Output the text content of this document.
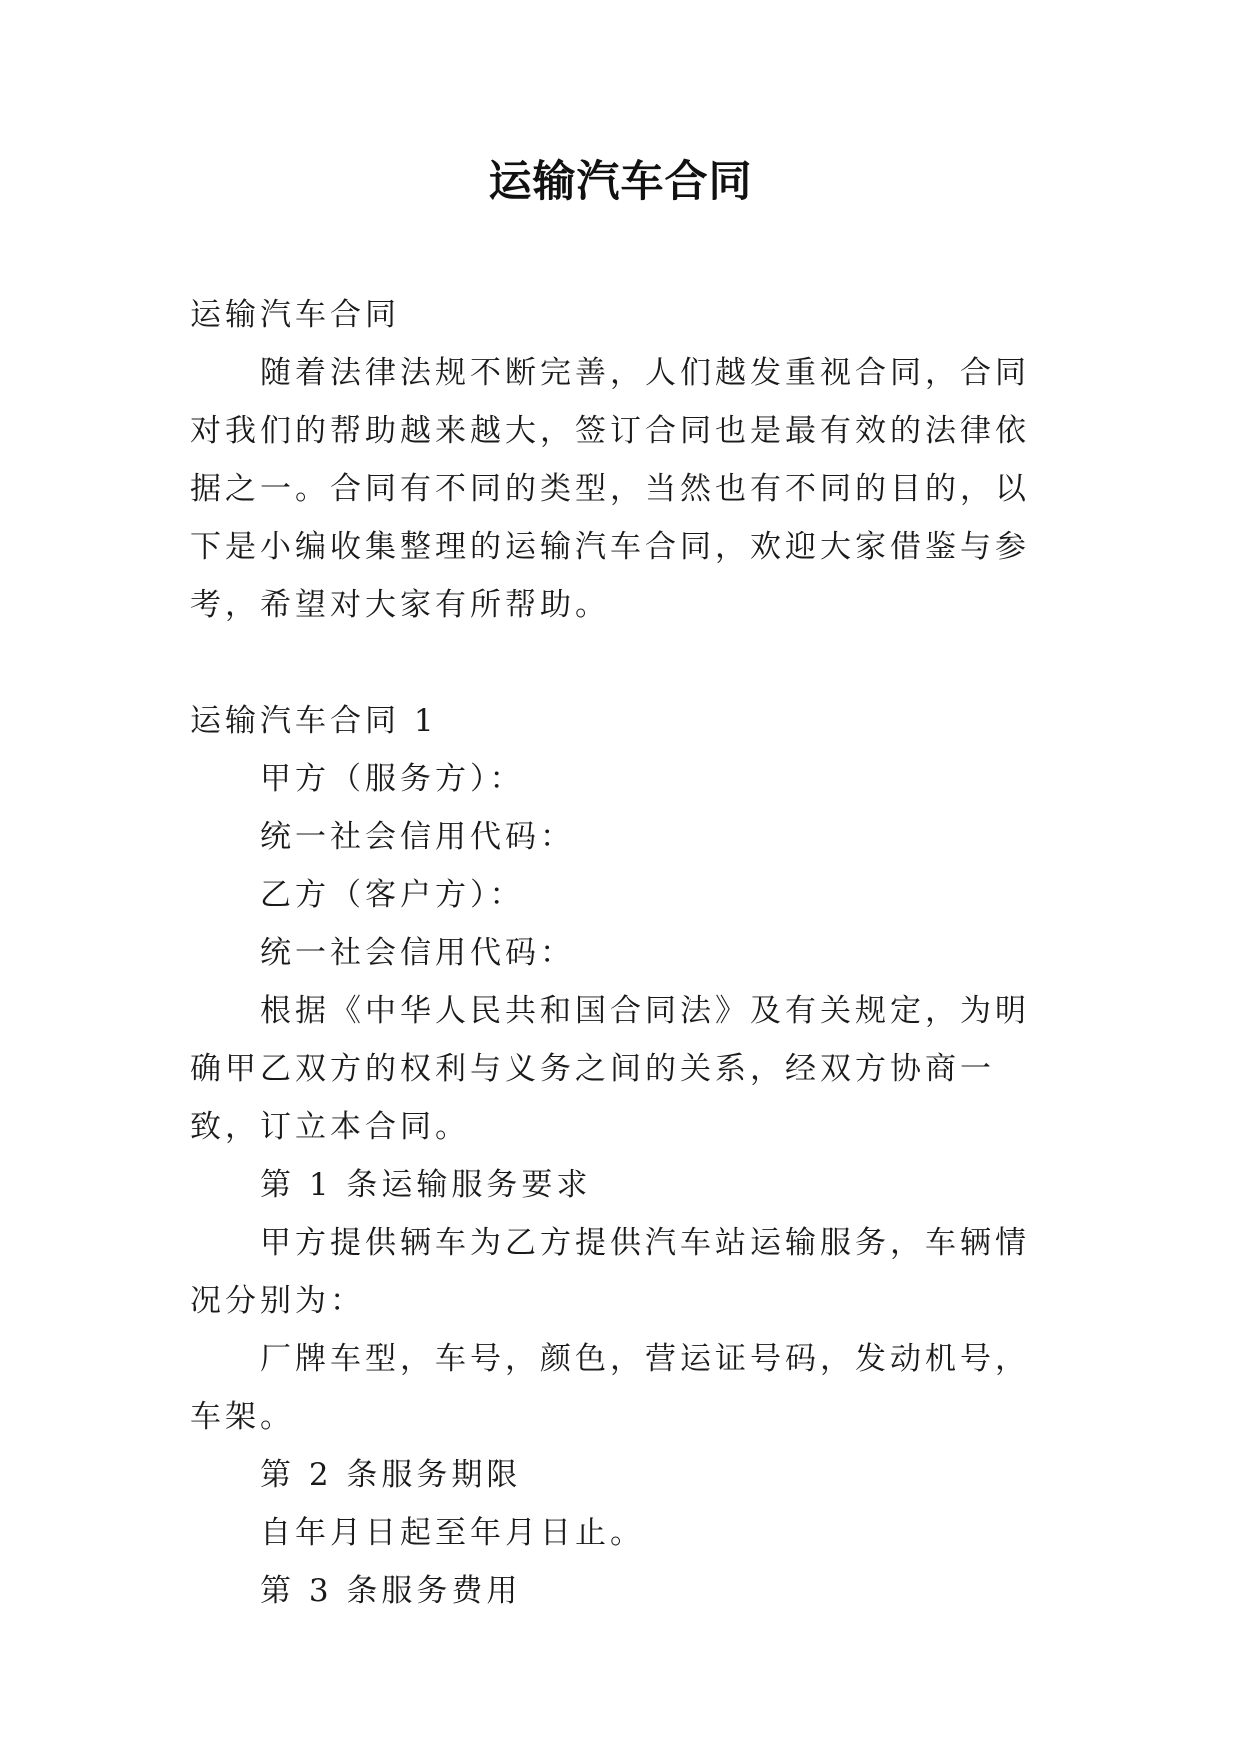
运输汽车合同

运输汽车合同

随着法律法规不断完善，人们越发重视合同，合同对我们的帮助越来越大，签订合同也是最有效的法律依据之一。合同有不同的类型，当然也有不同的目的，以下是小编收集整理的运输汽车合同，欢迎大家借鉴与参考，希望对大家有所帮助。

运输汽车合同 1

甲方（服务方）：

统一社会信用代码：

乙方（客户方）：

统一社会信用代码：

根据《中华人民共和国合同法》及有关规定，为明确甲乙双方的权利与义务之间的关系，经双方协商一致，订立本合同。

第 1 条运输服务要求

甲方提供辆车为乙方提供汽车站运输服务，车辆情况分别为：

厂牌车型，车号，颜色，营运证号码，发动机号，车架。

第 2 条服务期限

自年月日起至年月日止。

第 3 条服务费用
